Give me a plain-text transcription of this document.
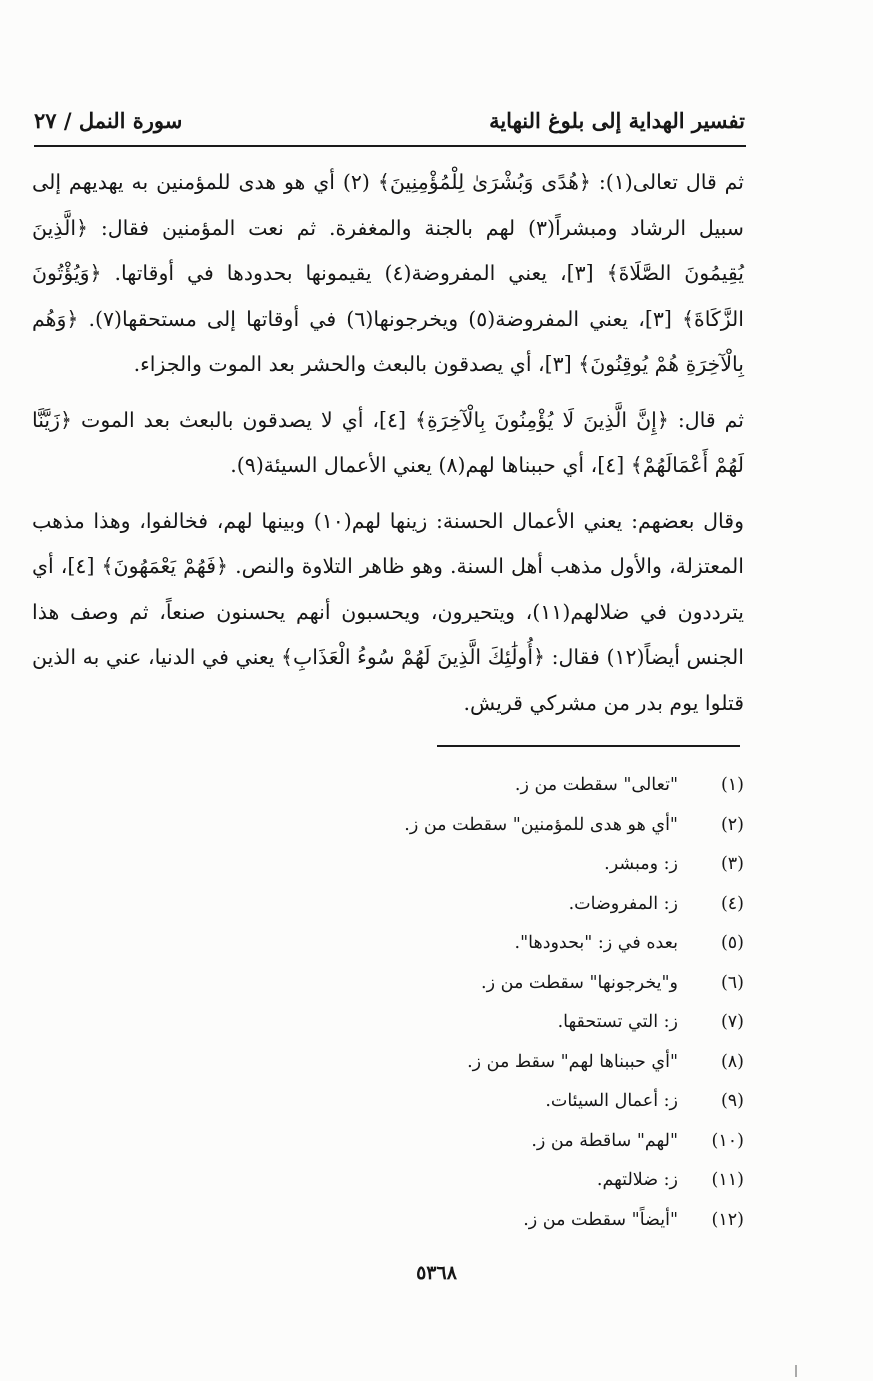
تفسير الهداية إلى بلوغ النهاية
سورة النمل / ٢٧

ثم قال تعالى(١): ﴿هُدًى وَبُشْرَىٰ لِلْمُؤْمِنِينَ﴾ (٢) أي هو هدى للمؤمنين به يهديهم إلى سبيل الرشاد ومبشراً(٣) لهم بالجنة والمغفرة. ثم نعت المؤمنين فقال: ﴿الَّذِينَ يُقِيمُونَ الصَّلَاةَ﴾ [٣]، يعني المفروضة(٤) يقيمونها بحدودها في أوقاتها. ﴿وَيُؤْتُونَ الزَّكَاةَ﴾ [٣]، يعني المفروضة(٥) ويخرجونها(٦) في أوقاتها إلى مستحقها(٧). ﴿وَهُم بِالْآخِرَةِ هُمْ يُوقِنُونَ﴾ [٣]، أي يصدقون بالبعث والحشر بعد الموت والجزاء.

ثم قال: ﴿إِنَّ الَّذِينَ لَا يُؤْمِنُونَ بِالْآخِرَةِ﴾ [٤]، أي لا يصدقون بالبعث بعد الموت ﴿زَيَّنَّا لَهُمْ أَعْمَالَهُمْ﴾ [٤]، أي حببناها لهم(٨) يعني الأعمال السيئة(٩).

وقال بعضهم: يعني الأعمال الحسنة: زينها لهم(١٠) وبينها لهم، فخالفوا، وهذا مذهب المعتزلة، والأول مذهب أهل السنة. وهو ظاهر التلاوة والنص. ﴿فَهُمْ يَعْمَهُونَ﴾ [٤]، أي يترددون في ضلالهم(١١)، ويتحيرون، ويحسبون أنهم يحسنون صنعاً، ثم وصف هذا الجنس أيضاً(١٢) فقال: ﴿أُولَٰئِكَ الَّذِينَ لَهُمْ سُوءُ الْعَذَابِ﴾ يعني في الدنيا، عني به الذين قتلوا يوم بدر من مشركي قريش.

(١)
"تعالى" سقطت من ز.
(٢)
"أي هو هدى للمؤمنين" سقطت من ز.
(٣)
ز: ومبشر.
(٤)
ز: المفروضات.
(٥)
بعده في ز: "بحدودها".
(٦)
و"يخرجونها" سقطت من ز.
(٧)
ز: التي تستحقها.
(٨)
"أي حببناها لهم" سقط من ز.
(٩)
ز: أعمال السيئات.
(١٠)
"لهم" ساقطة من ز.
(١١)
ز: ضلالتهم.
(١٢)
"أيضاً" سقطت من ز.
٥٣٦٨
